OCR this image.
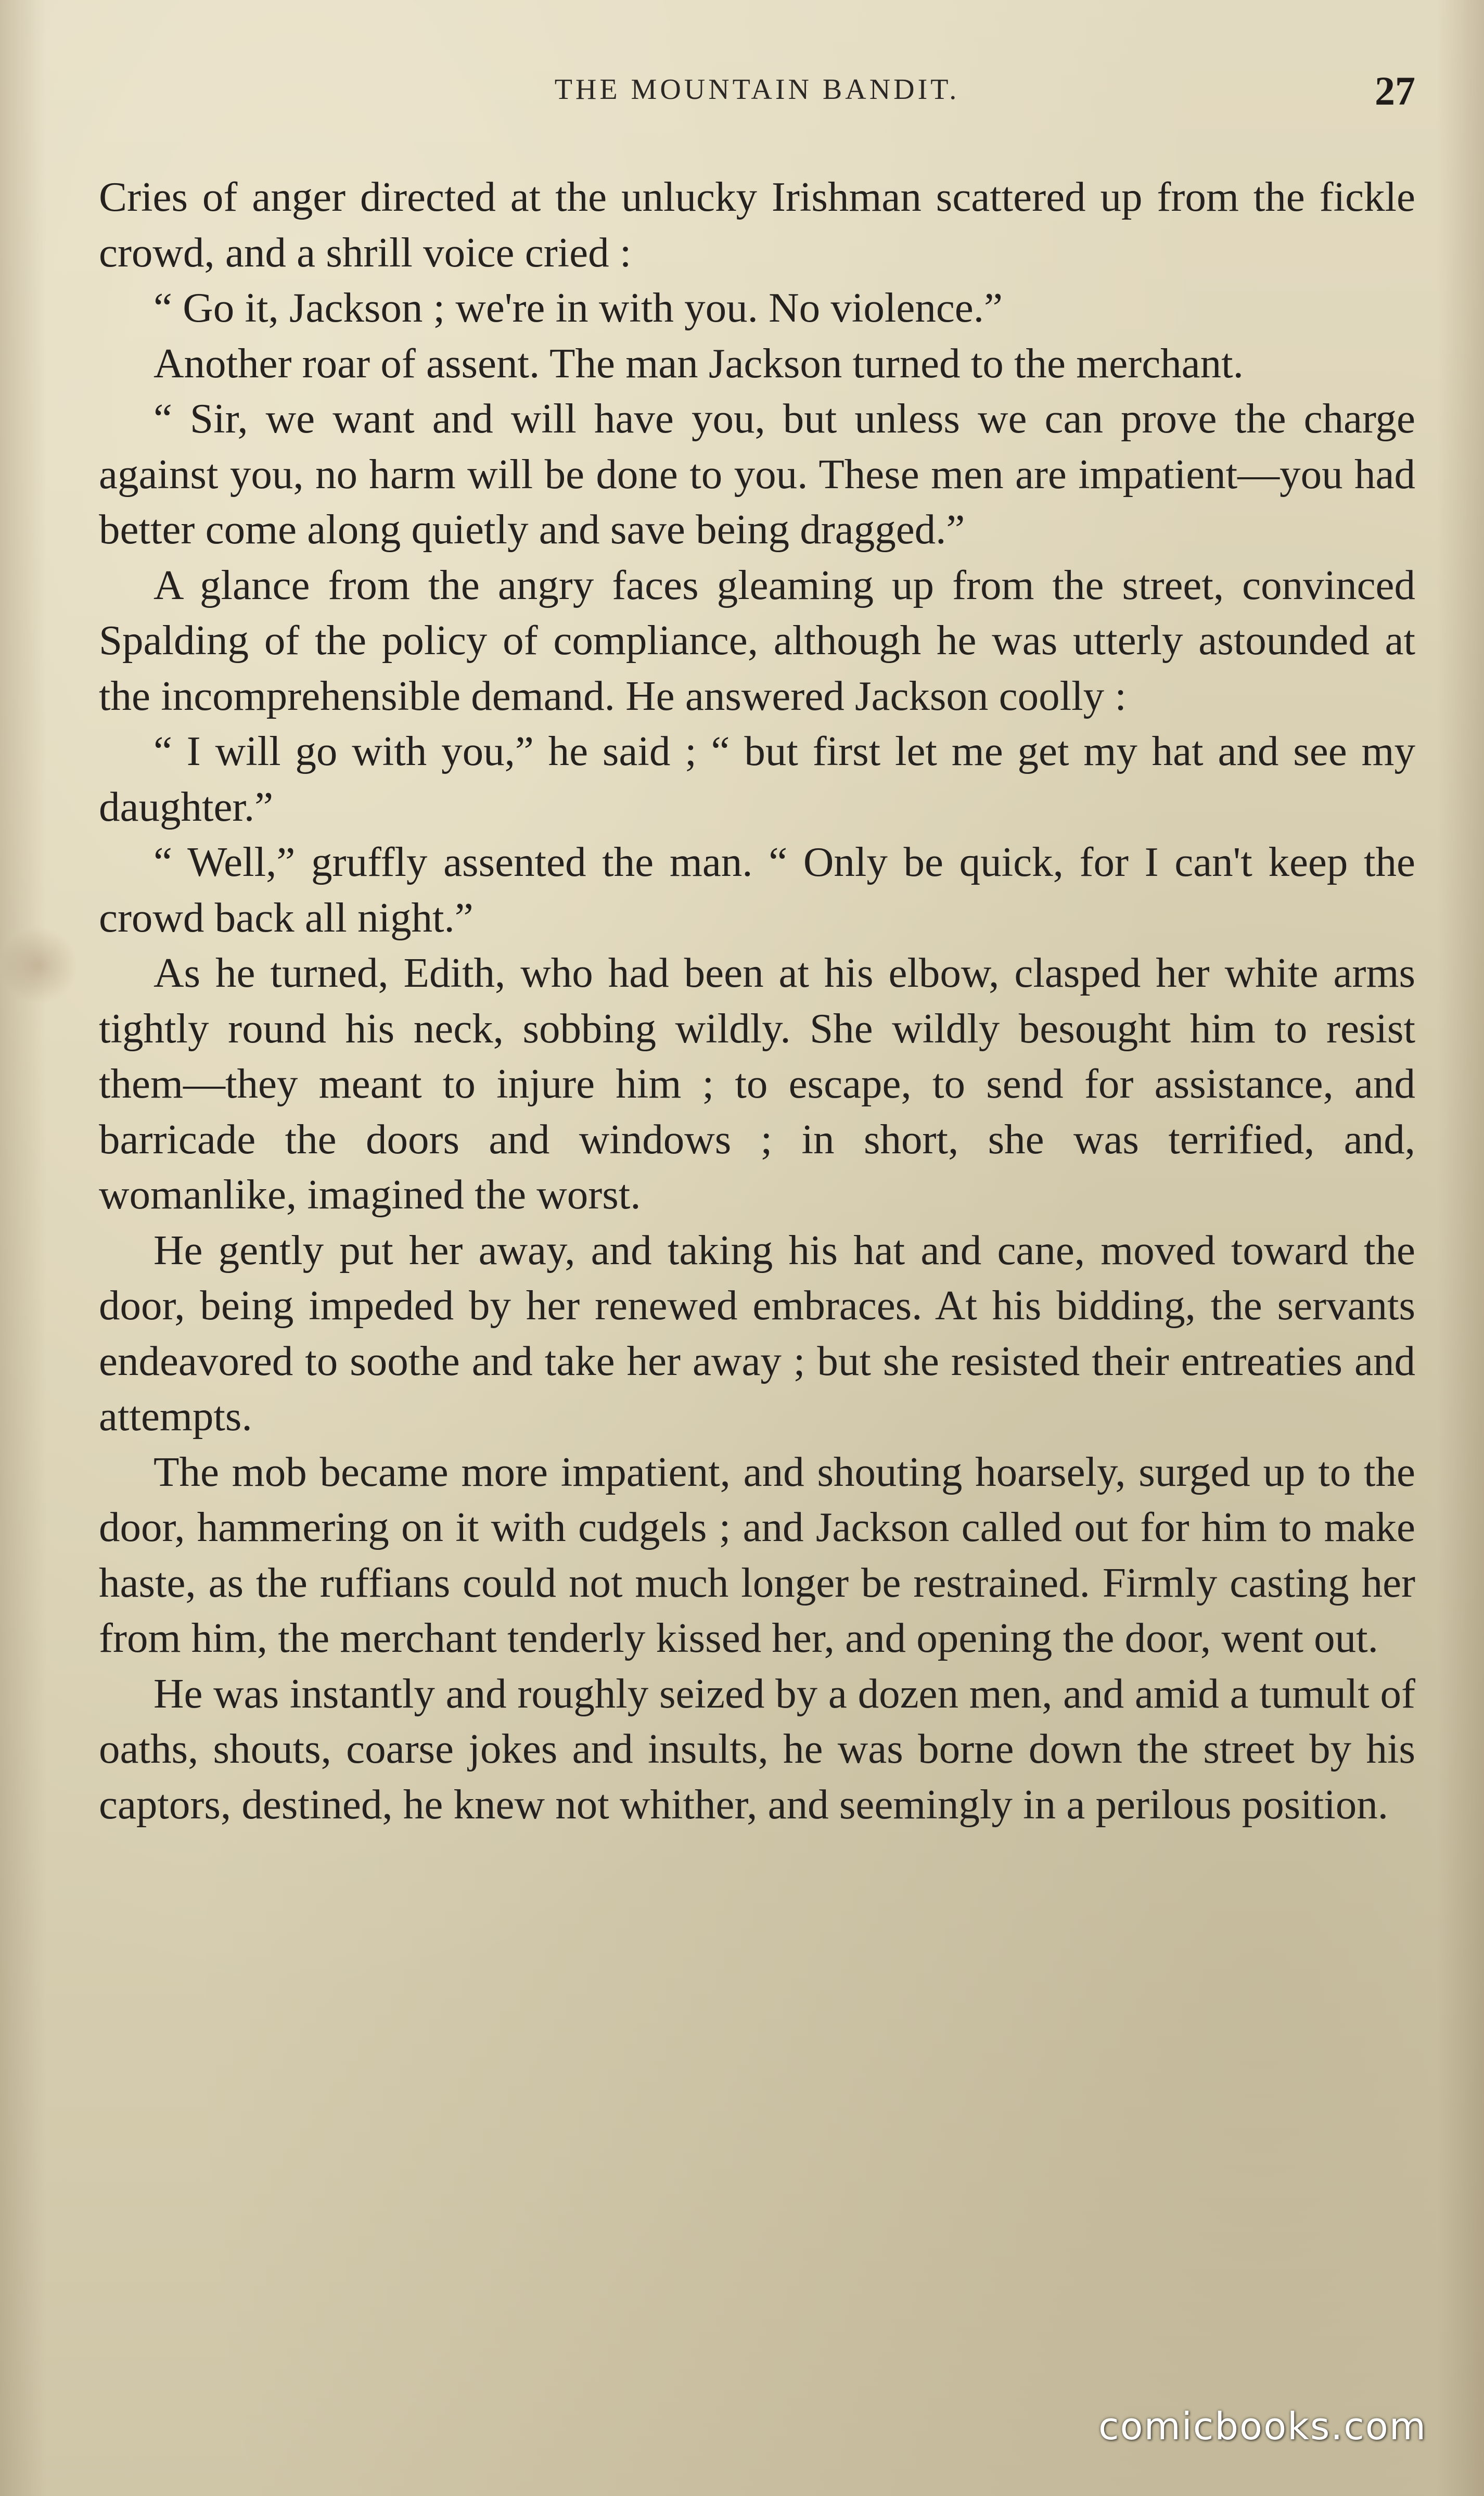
THE MOUNTAIN BANDIT.	27

Cries of anger directed at the unlucky Irishman scattered up from the fickle crowd, and a shrill voice cried :

“ Go it, Jackson ; we're in with you. No violence.”

Another roar of assent. The man Jackson turned to the merchant.

“ Sir, we want and will have you, but unless we can prove the charge against you, no harm will be done to you. These men are impatient—you had better come along quietly and save being dragged.”

A glance from the angry faces gleaming up from the street, convinced Spalding of the policy of compliance, although he was utterly astounded at the incomprehensible demand. He answered Jackson coolly :

“ I will go with you,” he said ; “ but first let me get my hat and see my daughter.”

“ Well,” gruffly assented the man. “ Only be quick, for I can't keep the crowd back all night.”

As he turned, Edith, who had been at his elbow, clasped her white arms tightly round his neck, sobbing wildly. She wildly besought him to resist them—they meant to injure him ; to escape, to send for assistance, and barricade the doors and windows ; in short, she was terrified, and, womanlike, imagined the worst.

He gently put her away, and taking his hat and cane, moved toward the door, being impeded by her renewed embraces. At his bidding, the servants endeavored to soothe and take her away ; but she resisted their entreaties and attempts.

The mob became more impatient, and shouting hoarsely, surged up to the door, hammering on it with cudgels ; and Jackson called out for him to make haste, as the ruffians could not much longer be restrained. Firmly casting her from him, the merchant tenderly kissed her, and opening the door, went out.

He was instantly and roughly seized by a dozen men, and amid a tumult of oaths, shouts, coarse jokes and insults, he was borne down the street by his captors, destined, he knew not whither, and seemingly in a perilous position.

comicbooks.com
